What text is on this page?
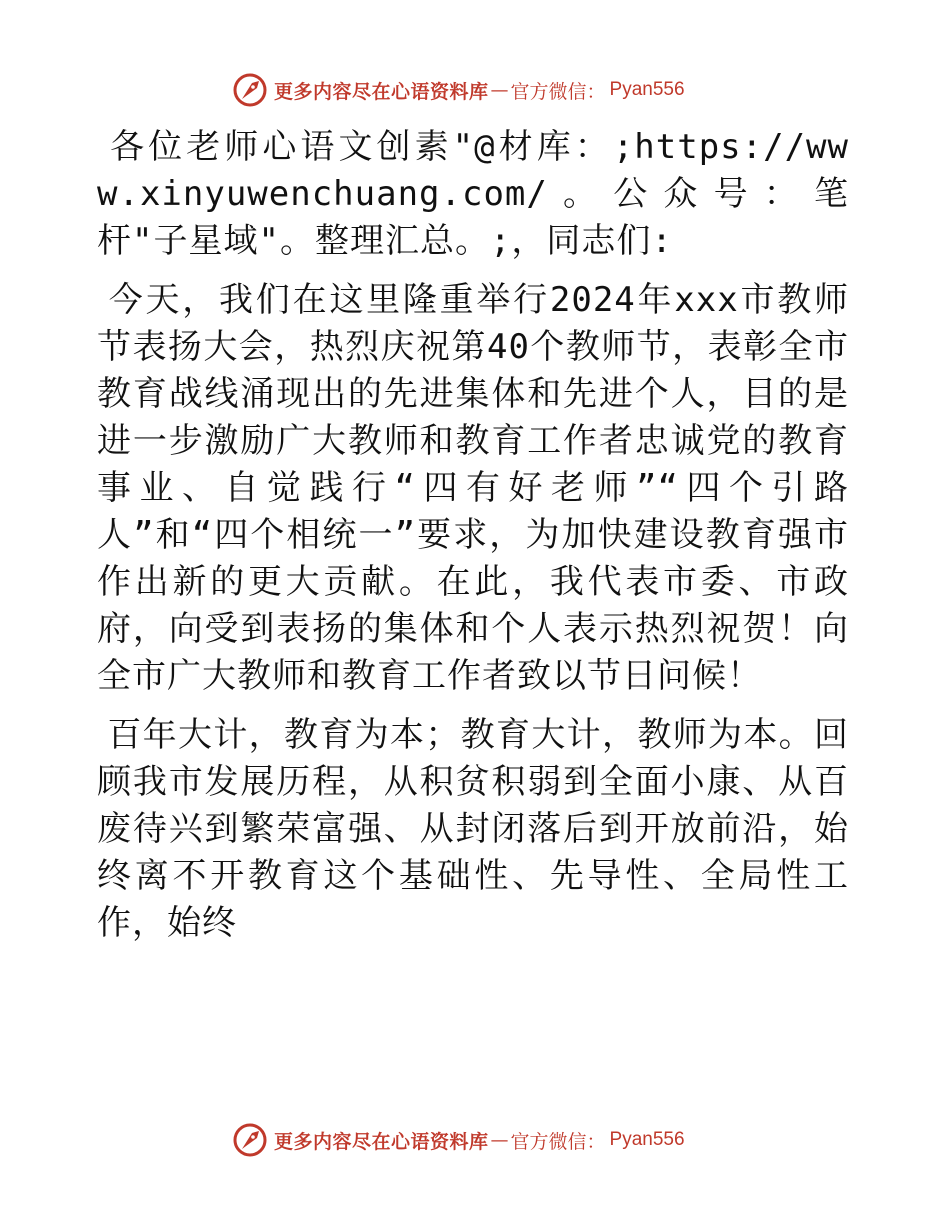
更多内容尽在心语资料库 — 官方微信： Pyan556

各位老师心语文创素"@材库：;https://www.xinyuwenchuang.com/。公众号：笔杆"子星域"。整理汇总。;，同志们:

今天，我们在这里隆重举行2024年xxx市教师节表扬大会，热烈庆祝第40个教师节，表彰全市教育战线涌现出的先进集体和先进个人，目的是进一步激励广大教师和教育工作者忠诚党的教育事业、自觉践行“四有好老师”“四个引路人”和“四个相统一”要求，为加快建设教育强市作出新的更大贡献。在此，我代表市委、市政府，向受到表扬的集体和个人表示热烈祝贺！向全市广大教师和教育工作者致以节日问候！

百年大计，教育为本；教育大计，教师为本。回顾我市发展历程，从积贫积弱到全面小康、从百废待兴到繁荣富强、从封闭落后到开放前沿，始终离不开教育这个基础性、先导性、全局性工作，始终

更多内容尽在心语资料库 — 官方微信： Pyan556
